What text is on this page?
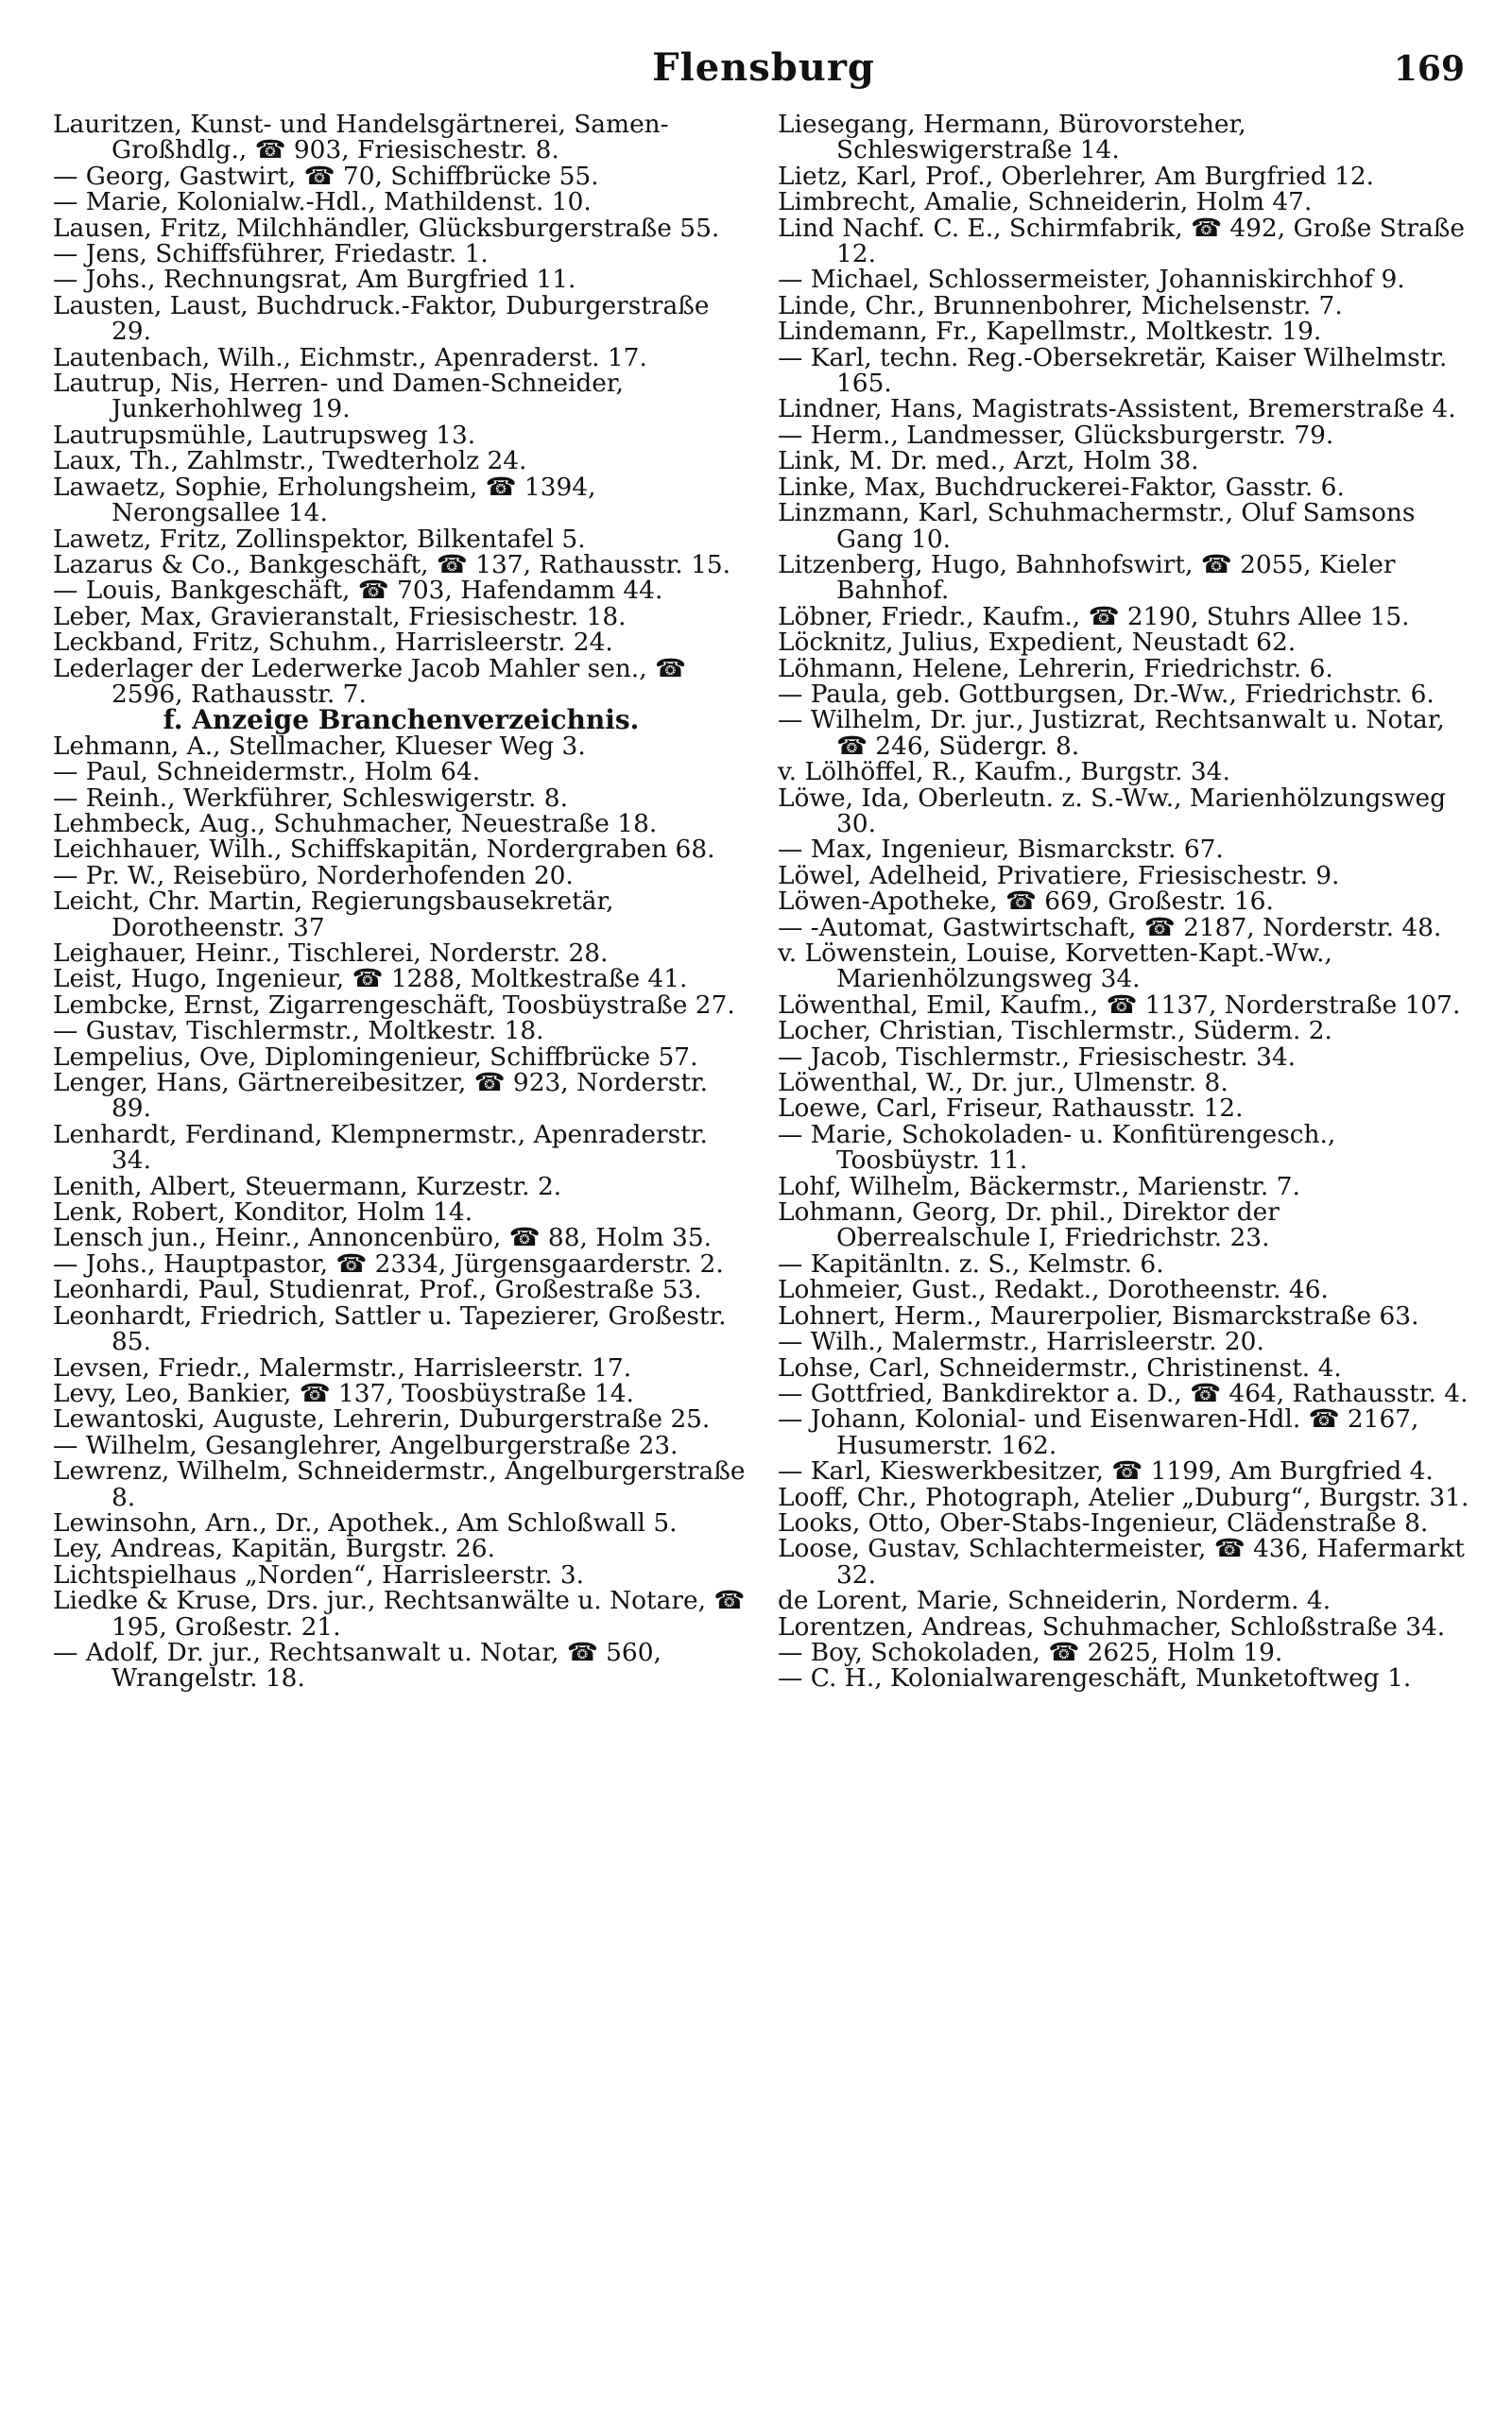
Flensburg	169

Lauritzen, Kunst- und Handelsgärtnerei, Samen-Großhdlg., ☎ 903, Friesischestr. 8.

— Georg, Gastwirt, ☎ 70, Schiffbrücke 55.

— Marie, Kolonialw.-Hdl., Mathildenst. 10.

Lausen, Fritz, Milchhändler, Glücksburgerstraße 55.

— Jens, Schiffsführer, Friedastr. 1.

— Johs., Rechnungsrat, Am Burgfried 11.

Lausten, Laust, Buchdruck.-Faktor, Duburgerstraße 29.

Lautenbach, Wilh., Eichmstr., Apenraderst. 17.

Lautrup, Nis, Herren- und Damen-Schneider, Junkerhohlweg 19.

Lautrupsmühle, Lautrupsweg 13.

Laux, Th., Zahlmstr., Twedterholz 24.

Lawaetz, Sophie, Erholungsheim, ☎ 1394, Nerongsallee 14.

Lawetz, Fritz, Zollinspektor, Bilkentafel 5.

Lazarus & Co., Bankgeschäft, ☎ 137, Rathausstr. 15.

— Louis, Bankgeschäft, ☎ 703, Hafendamm 44.

Leber, Max, Gravieranstalt, Friesischestr. 18.

Leckband, Fritz, Schuhm., Harrisleerstr. 24.

Lederlager der Lederwerke Jacob Mahler sen., ☎ 2596, Rathausstr. 7.

f. Anzeige Branchenverzeichnis.

Lehmann, A., Stellmacher, Klueser Weg 3.

— Paul, Schneidermstr., Holm 64.

— Reinh., Werkführer, Schleswigerstr. 8.

Lehmbeck, Aug., Schuhmacher, Neuestraße 18.

Leichhauer, Wilh., Schiffskapitän, Nordergraben 68.

— Pr. W., Reisebüro, Norderhofenden 20.

Leicht, Chr. Martin, Regierungsbausekretär, Dorotheenstr. 37

Leighauer, Heinr., Tischlerei, Norderstr. 28.

Leist, Hugo, Ingenieur, ☎ 1288, Moltkestraße 41.

Lembcke, Ernst, Zigarrengeschäft, Toosbüystraße 27.

— Gustav, Tischlermstr., Moltkestr. 18.

Lempelius, Ove, Diplomingenieur, Schiffbrücke 57.

Lenger, Hans, Gärtnereibesitzer, ☎ 923, Norderstr. 89.

Lenhardt, Ferdinand, Klempnermstr., Apenraderstr. 34.

Lenith, Albert, Steuermann, Kurzestr. 2.

Lenk, Robert, Konditor, Holm 14.

Lensch jun., Heinr., Annoncenbüro, ☎ 88, Holm 35.

— Johs., Hauptpastor, ☎ 2334, Jürgensgaarderstr. 2.

Leonhardi, Paul, Studienrat, Prof., Großestraße 53.

Leonhardt, Friedrich, Sattler u. Tapezierer, Großestr. 85.

Levsen, Friedr., Malermstr., Harrisleerstr. 17.

Levy, Leo, Bankier, ☎ 137, Toosbüystraße 14.

Lewantoski, Auguste, Lehrerin, Duburgerstraße 25.

— Wilhelm, Gesanglehrer, Angelburgerstraße 23.

Lewrenz, Wilhelm, Schneidermstr., Angelburgerstraße 8.

Lewinsohn, Arn., Dr., Apothek., Am Schloßwall 5.

Ley, Andreas, Kapitän, Burgstr. 26.

Lichtspielhaus „Norden“, Harrisleerstr. 3.

Liedke & Kruse, Drs. jur., Rechtsanwälte u. Notare, ☎ 195, Großestr. 21.

— Adolf, Dr. jur., Rechtsanwalt u. Notar, ☎ 560, Wrangelstr. 18.

Liesegang, Hermann, Bürovorsteher, Schleswigerstraße 14.

Lietz, Karl, Prof., Oberlehrer, Am Burgfried 12.

Limbrecht, Amalie, Schneiderin, Holm 47.

Lind Nachf. C. E., Schirmfabrik, ☎ 492, Große Straße 12.

— Michael, Schlossermeister, Johanniskirchhof 9.

Linde, Chr., Brunnenbohrer, Michelsenstr. 7.

Lindemann, Fr., Kapellmstr., Moltkestr. 19.

— Karl, techn. Reg.-Obersekretär, Kaiser Wilhelmstr. 165.

Lindner, Hans, Magistrats-Assistent, Bremerstraße 4.

— Herm., Landmesser, Glücksburgerstr. 79.

Link, M. Dr. med., Arzt, Holm 38.

Linke, Max, Buchdruckerei-Faktor, Gasstr. 6.

Linzmann, Karl, Schuhmachermstr., Oluf Samsons Gang 10.

Litzenberg, Hugo, Bahnhofswirt, ☎ 2055, Kieler Bahnhof.

Löbner, Friedr., Kaufm., ☎ 2190, Stuhrs Allee 15.

Löcknitz, Julius, Expedient, Neustadt 62.

Löhmann, Helene, Lehrerin, Friedrichstr. 6.

— Paula, geb. Gottburgsen, Dr.-Ww., Friedrichstr. 6.

— Wilhelm, Dr. jur., Justizrat, Rechtsanwalt u. Notar, ☎ 246, Südergr. 8.

v. Lölhöffel, R., Kaufm., Burgstr. 34.

Löwe, Ida, Oberleutn. z. S.-Ww., Marienhölzungsweg 30.

— Max, Ingenieur, Bismarckstr. 67.

Löwel, Adelheid, Privatiere, Friesischestr. 9.

Löwen-Apotheke, ☎ 669, Großestr. 16.

— -Automat, Gastwirtschaft, ☎ 2187, Norderstr. 48.

v. Löwenstein, Louise, Korvetten-Kapt.-Ww., Marienhölzungsweg 34.

Löwenthal, Emil, Kaufm., ☎ 1137, Norderstraße 107.

Locher, Christian, Tischlermstr., Süderm. 2.

— Jacob, Tischlermstr., Friesischestr. 34.

Löwenthal, W., Dr. jur., Ulmenstr. 8.

Loewe, Carl, Friseur, Rathausstr. 12.

— Marie, Schokoladen- u. Konfitürengesch., Toosbüystr. 11.

Lohf, Wilhelm, Bäckermstr., Marienstr. 7.

Lohmann, Georg, Dr. phil., Direktor der Oberrealschule I, Friedrichstr. 23.

— Kapitänltn. z. S., Kelmstr. 6.

Lohmeier, Gust., Redakt., Dorotheenstr. 46.

Lohnert, Herm., Maurerpolier, Bismarckstraße 63.

— Wilh., Malermstr., Harrisleerstr. 20.

Lohse, Carl, Schneidermstr., Christinenst. 4.

— Gottfried, Bankdirektor a. D., ☎ 464, Rathausstr. 4.

— Johann, Kolonial- und Eisenwaren-Hdl. ☎ 2167, Husumerstr. 162.

— Karl, Kieswerkbesitzer, ☎ 1199, Am Burgfried 4.

Looff, Chr., Photograph, Atelier „Duburg“, Burgstr. 31.

Looks, Otto, Ober-Stabs-Ingenieur, Clädenstraße 8.

Loose, Gustav, Schlachtermeister, ☎ 436, Hafermarkt 32.

de Lorent, Marie, Schneiderin, Norderm. 4.

Lorentzen, Andreas, Schuhmacher, Schloßstraße 34.

— Boy, Schokoladen, ☎ 2625, Holm 19.

— C. H., Kolonialwarengeschäft, Munketoftweg 1.
